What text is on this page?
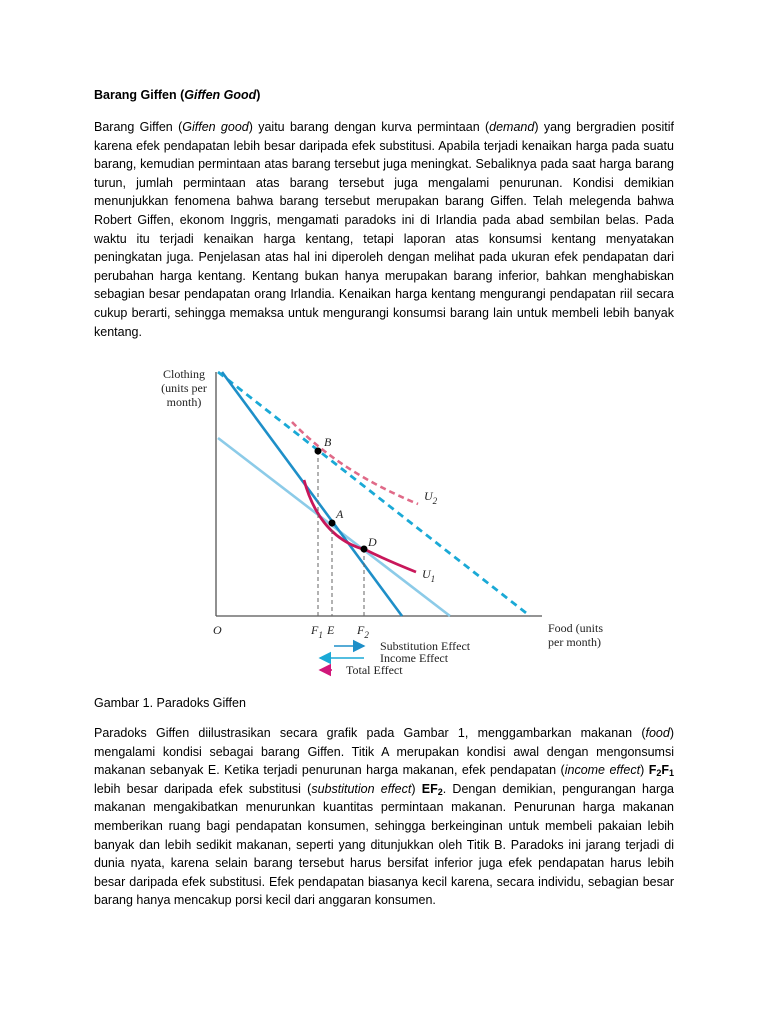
Barang Giffen (Giffen Good)
Barang Giffen (Giffen good) yaitu barang dengan kurva permintaan (demand) yang bergradien positif karena efek pendapatan lebih besar daripada efek substitusi. Apabila terjadi kenaikan harga pada suatu barang, kemudian permintaan atas barang tersebut juga meningkat. Sebaliknya pada saat harga barang turun, jumlah permintaan atas barang tersebut juga mengalami penurunan. Kondisi demikian menunjukkan fenomena bahwa barang tersebut merupakan barang Giffen. Telah melegenda bahwa Robert Giffen, ekonom Inggris, mengamati paradoks ini di Irlandia pada abad sembilan belas. Pada waktu itu terjadi kenaikan harga kentang, tetapi laporan atas konsumsi kentang menyatakan peningkatan juga. Penjelasan atas hal ini diperoleh dengan melihat pada ukuran efek pendapatan dari perubahan harga kentang. Kentang bukan hanya merupakan barang inferior, bahkan menghabiskan sebagian besar pendapatan orang Irlandia. Kenaikan harga kentang mengurangi pendapatan riil secara cukup berarti, sehingga memaksa untuk mengurangi konsumsi barang lain untuk membeli lebih banyak kentang.
Clothing
(units per
month)
Food (units
per month)
O
B
A
D
$U_2$
$U_1$
$F_1$ E $F_2$
Substitution Effect
Income Effect
Total Effect
Gambar 1. Paradoks Giffen
Paradoks Giffen diilustrasikan secara grafik pada Gambar 1, menggambarkan makanan (food) mengalami kondisi sebagai barang Giffen. Titik A merupakan kondisi awal dengan mengonsumsi makanan sebanyak E. Ketika terjadi penurunan harga makanan, efek pendapatan (income effect) $F_2F_1$ lebih besar daripada efek substitusi (substitution effect) $EF_2$. Dengan demikian, pengurangan harga makanan mengakibatkan menurunkan kuantitas permintaan makanan. Penurunan harga makanan memberikan ruang bagi pendapatan konsumen, sehingga berkeinginan untuk membeli pakaian lebih banyak dan lebih sedikit makanan, seperti yang ditunjukkan oleh Titik B. Paradoks ini jarang terjadi di dunia nyata, karena selain barang tersebut harus bersifat inferior juga efek pendapatan harus lebih besar daripada efek substitusi. Efek pendapatan biasanya kecil karena, secara individu, sebagian besar barang hanya mencakup porsi kecil dari anggaran konsumen.
